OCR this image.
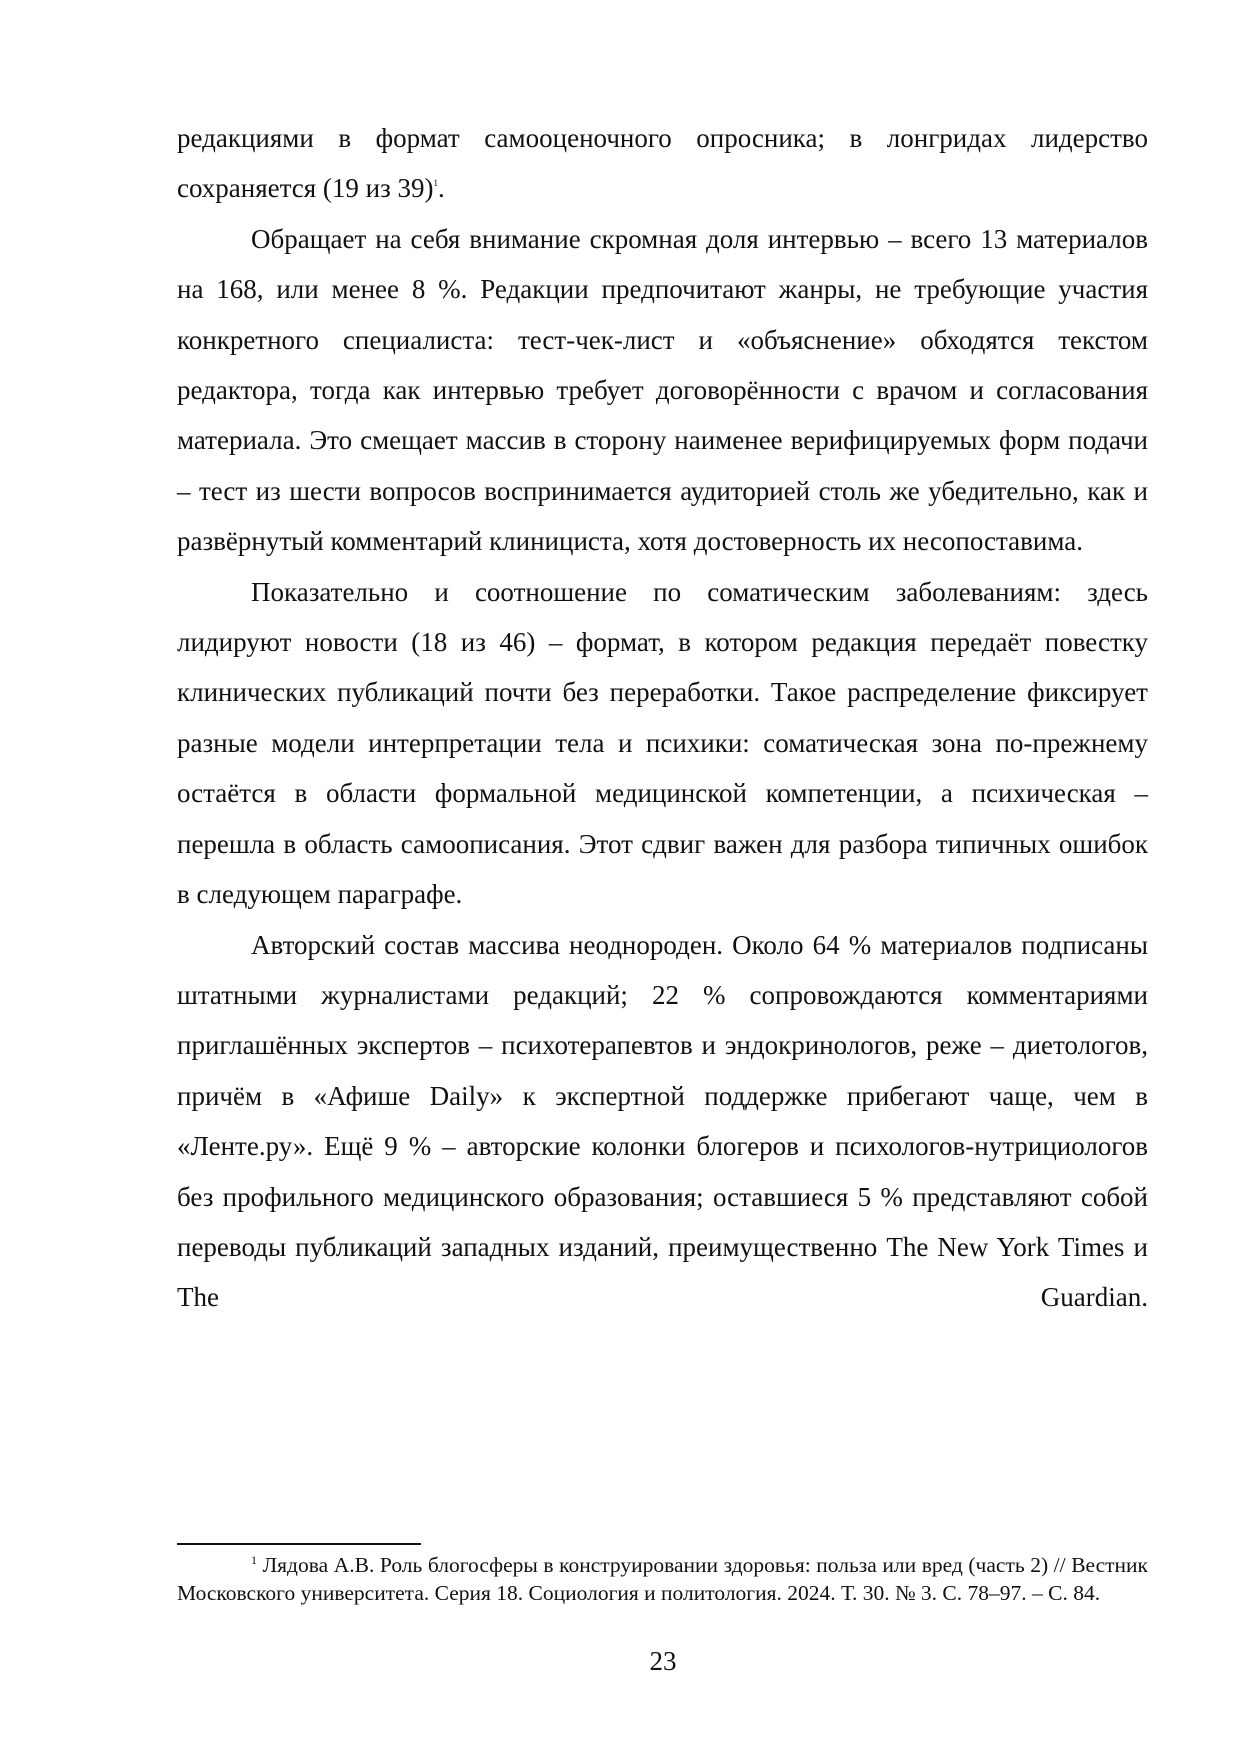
редакциями в формат самооценочного опросника; в лонгридах лидерство сохраняется (19 из 39)$^1$.

Обращает на себя внимание скромная доля интервью – всего 13 материалов на 168, или менее 8 %. Редакции предпочитают жанры, не требующие участия конкретного специалиста: тест-чек-лист и «объяснение» обходятся текстом редактора, тогда как интервью требует договорённости с врачом и согласования материала. Это смещает массив в сторону наименее верифицируемых форм подачи – тест из шести вопросов воспринимается аудиторией столь же убедительно, как и развёрнутый комментарий клинициста, хотя достоверность их несопоставима.

Показательно и соотношение по соматическим заболеваниям: здесь лидируют новости (18 из 46) – формат, в котором редакция передаёт повестку клинических публикаций почти без переработки. Такое распределение фиксирует разные модели интерпретации тела и психики: соматическая зона по-прежнему остаётся в области формальной медицинской компетенции, а психическая – перешла в область самоописания. Этот сдвиг важен для разбора типичных ошибок в следующем параграфе.

Авторский состав массива неоднороден. Около 64 % материалов подписаны штатными журналистами редакций; 22 % сопровождаются комментариями приглашённых экспертов – психотерапевтов и эндокринологов, реже – диетологов, причём в «Афише Daily» к экспертной поддержке прибегают чаще, чем в «Ленте.ру». Ещё 9 % – авторские колонки блогеров и психологов-нутрициологов без профильного медицинского образования; оставшиеся 5 % представляют собой переводы публикаций западных изданий, преимущественно The New York Times и The Guardian.

$^1$ Лядова А.В. Роль блогосферы в конструировании здоровья: польза или вред (часть 2) // Вестник Московского университета. Серия 18. Социология и политология. 2024. Т. 30. № 3. С. 78–97. – С. 84.

23
